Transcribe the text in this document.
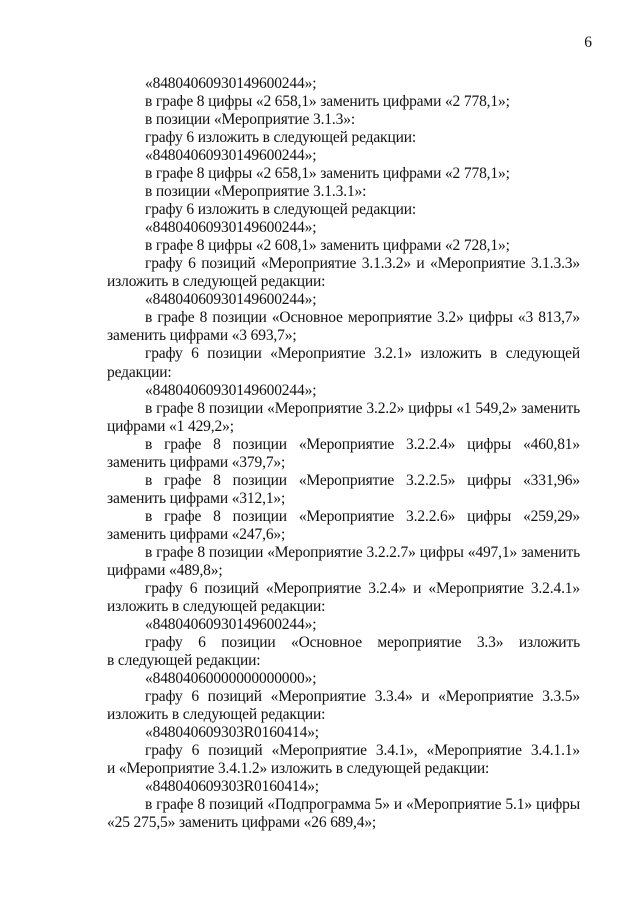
6
«84804060930149600244»;
в графе 8 цифры «2 658,1» заменить цифрами «2 778,1»;
в позиции «Мероприятие 3.1.3»:
графу 6 изложить в следующей редакции:
«84804060930149600244»;
в графе 8 цифры «2 658,1» заменить цифрами «2 778,1»;
в позиции «Мероприятие 3.1.3.1»:
графу 6 изложить в следующей редакции:
«84804060930149600244»;
в графе 8 цифры «2 608,1» заменить цифрами «2 728,1»;
графу 6 позиций «Мероприятие 3.1.3.2» и «Мероприятие 3.1.3.3»
изложить в следующей редакции:
«84804060930149600244»;
в графе 8 позиции «Основное мероприятие 3.2» цифры «3 813,7»
заменить цифрами «3 693,7»;
графу 6 позиции «Мероприятие 3.2.1» изложить в следующей
редакции:
«84804060930149600244»;
в графе 8 позиции «Мероприятие 3.2.2» цифры «1 549,2» заменить
цифрами «1 429,2»;
в графе 8 позиции «Мероприятие 3.2.2.4» цифры «460,81»
заменить цифрами «379,7»;
в графе 8 позиции «Мероприятие 3.2.2.5» цифры «331,96»
заменить цифрами «312,1»;
в графе 8 позиции «Мероприятие 3.2.2.6» цифры «259,29»
заменить цифрами «247,6»;
в графе 8 позиции «Мероприятие 3.2.2.7» цифры «497,1» заменить
цифрами «489,8»;
графу 6 позиций «Мероприятие 3.2.4» и «Мероприятие 3.2.4.1»
изложить в следующей редакции:
«84804060930149600244»;
графу 6 позиции «Основное мероприятие 3.3» изложить
в следующей редакции:
«84804060000000000000»;
графу 6 позиций «Мероприятие 3.3.4» и «Мероприятие 3.3.5»
изложить в следующей редакции:
«848040609303R0160414»;
графу 6 позиций «Мероприятие 3.4.1», «Мероприятие 3.4.1.1»
и «Мероприятие 3.4.1.2» изложить в следующей редакции:
«848040609303R0160414»;
в графе 8 позиций «Подпрограмма 5» и «Мероприятие 5.1» цифры
«25 275,5» заменить цифрами «26 689,4»;
